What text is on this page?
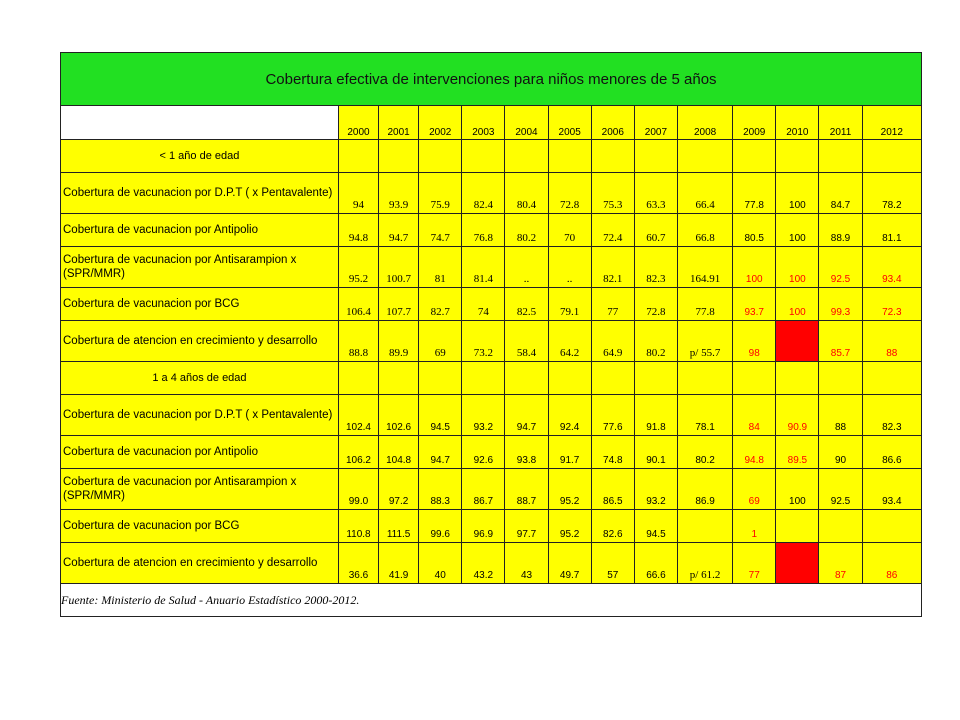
Cobertura efectiva de intervenciones para niños menores de 5 años													
	2000	2001	2002	2003	2004	2005	2006	2007	2008	2009	2010	2011	2012
< 1 año de edad													
Cobertura de vacunacion por D.P.T ( x Pentavalente)	94	93.9	75.9	82.4	80.4	72.8	75.3	63.3	66.4	77.8	100	84.7	78.2
Cobertura de vacunacion por Antipolio	94.8	94.7	74.7	76.8	80.2	70	72.4	60.7	66.8	80.5	100	88.9	81.1
Cobertura de vacunacion por Antisarampion x (SPR/MMR)	95.2	100.7	81	81.4	..	..	82.1	82.3	164.91	100	100	92.5	93.4
Cobertura de vacunacion por BCG	106.4	107.7	82.7	74	82.5	79.1	77	72.8	77.8	93.7	100	99.3	72.3
Cobertura de atencion en crecimiento y desarrollo	88.8	89.9	69	73.2	58.4	64.2	64.9	80.2	p/ 55.7	98		85.7	88
1 a 4 años de edad													
Cobertura de vacunacion por D.P.T ( x Pentavalente)	102.4	102.6	94.5	93.2	94.7	92.4	77.6	91.8	78.1	84	90.9	88	82.3
Cobertura de vacunacion por Antipolio	106.2	104.8	94.7	92.6	93.8	91.7	74.8	90.1	80.2	94.8	89.5	90	86.6
Cobertura de vacunacion por Antisarampion x (SPR/MMR)	99.0	97.2	88.3	86.7	88.7	95.2	86.5	93.2	86.9	69	100	92.5	93.4
Cobertura de vacunacion por BCG	110.8	111.5	99.6	96.9	97.7	95.2	82.6	94.5		1			
Cobertura de atencion en crecimiento y desarrollo	36.6	41.9	40	43.2	43	49.7	57	66.6	p/ 61.2	77		87	86
Fuente: Ministerio de Salud - Anuario Estadístico 2000-2012.													
